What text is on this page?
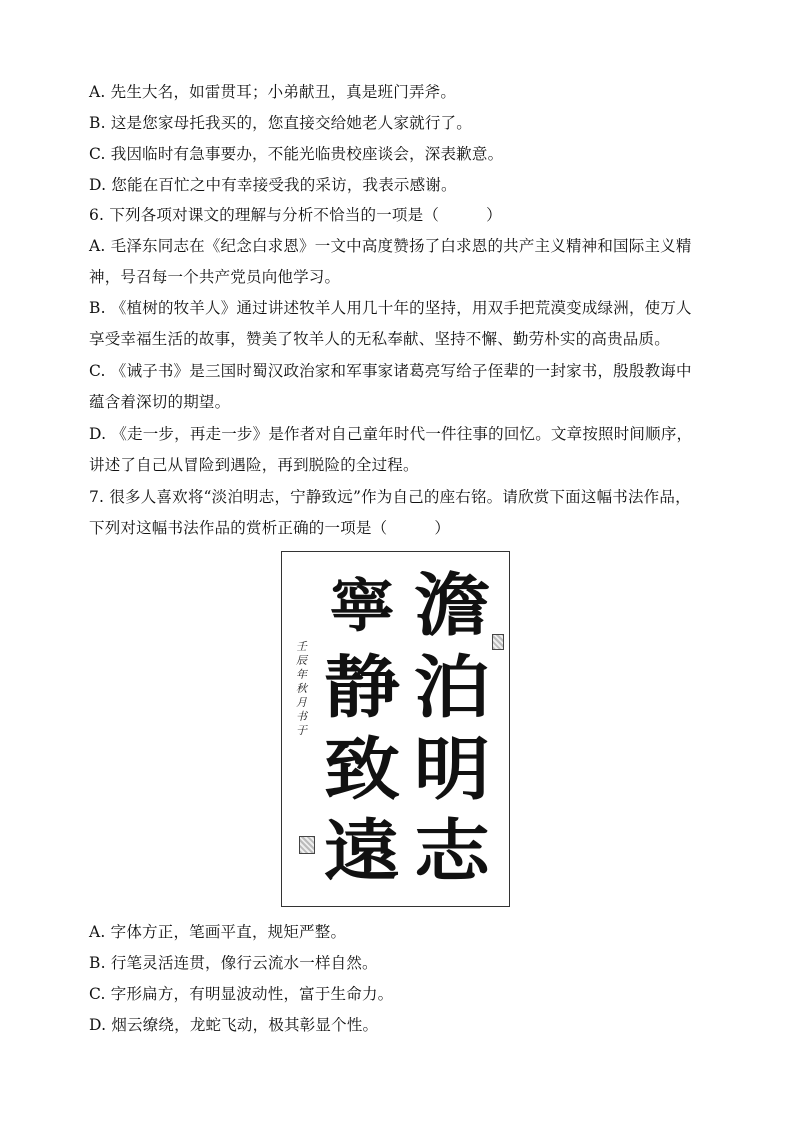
A. 先生大名，如雷贯耳；小弟献丑，真是班门弄斧。
B. 这是您家母托我买的，您直接交给她老人家就行了。
C. 我因临时有急事要办，不能光临贵校座谈会，深表歉意。
D. 您能在百忙之中有幸接受我的采访，我表示感谢。
6. 下列各项对课文的理解与分析不恰当的一项是（　　　）
A. 毛泽东同志在《纪念白求恩》一文中高度赞扬了白求恩的共产主义精神和国际主义精
神，号召每一个共产党员向他学习。
B. 《植树的牧羊人》通过讲述牧羊人用几十年的坚持，用双手把荒漠变成绿洲，使万人
享受幸福生活的故事，赞美了牧羊人的无私奉献、坚持不懈、勤劳朴实的高贵品质。
C. 《诫子书》是三国时蜀汉政治家和军事家诸葛亮写给子侄辈的一封家书，殷殷教诲中
蕴含着深切的期望。
D. 《走一步，再走一步》是作者对自己童年时代一件往事的回忆。文章按照时间顺序，
讲述了自己从冒险到遇险，再到脱险的全过程。
7. 很多人喜欢将“淡泊明志，宁静致远”作为自己的座右铭。请欣赏下面这幅书法作品，
下列对这幅书法作品的赏析正确的一项是（　　　）
澹
泊
明
志
寧
静
致
遠
壬辰年秋月书于
A. 字体方正，笔画平直，规矩严整。
B. 行笔灵活连贯，像行云流水一样自然。
C. 字形扁方，有明显波动性，富于生命力。
D. 烟云缭绕，龙蛇飞动，极其彰显个性。
